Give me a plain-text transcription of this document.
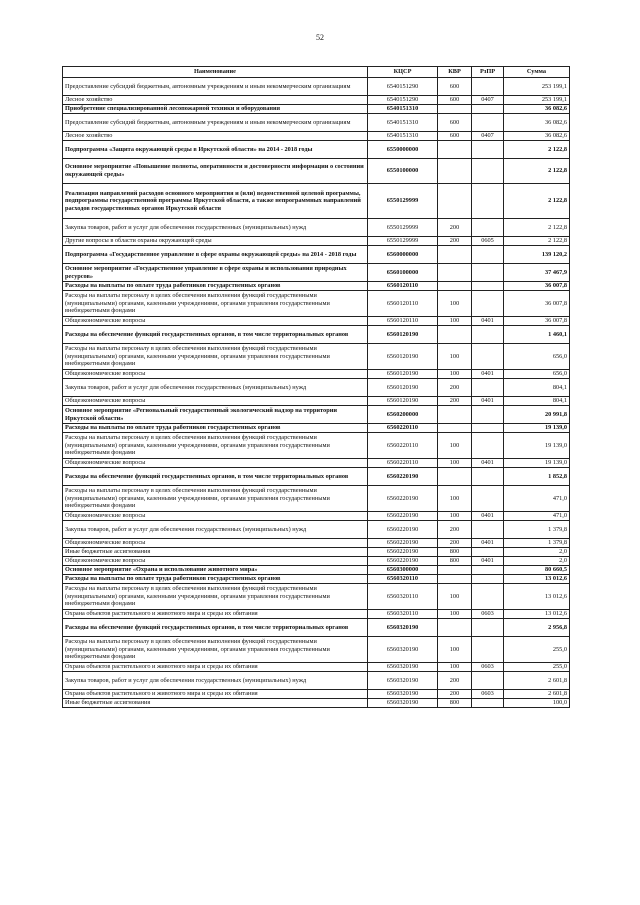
52
Наименование	КЦСР	КВР	РзПР	Сумма
Предоставление субсидий бюджетным, автономным учреждениям и иным некоммерческим организациям	6540151290	600		253 199,1
Лесное хозяйство	6540151290	600	0407	253 199,1
Приобретение специализированной лесопожарной техники и оборудования	6540151310			36 082,6
Предоставление субсидий бюджетным, автономным учреждениям и иным некоммерческим организациям	6540151310	600		36 082,6
Лесное хозяйство	6540151310	600	0407	36 082,6
Подпрограмма «Защита окружающей среды в Иркутской области» на 2014 - 2018 годы	6550000000			2 122,8
Основное мероприятие «Повышение полноты, оперативности и достоверности информации о состоянии окружающей среды»	6550100000			2 122,8
Реализация направлений расходов основного мероприятия и (или) ведомственной целевой программы, подпрограммы государственной программы Иркутской области, а также непрограммных направлений расходов государственных органов Иркутской области	6550129999			2 122,8
Закупка товаров, работ и услуг для обеспечения государственных (муниципальных) нужд	6550129999	200		2 122,8
Другие вопросы в области охраны окружающей среды	6550129999	200	0605	2 122,8
Подпрограмма «Государственное управление в сфере охраны окружающей среды» на 2014 - 2018 годы	6560000000			139 120,2
Основное мероприятие «Государственное управление в сфере охраны и использования природных ресурсов»	6560100000			37 467,9
Расходы на выплаты по оплате труда работников государственных органов	6560120110			36 007,8
Расходы на выплаты персоналу в целях обеспечения выполнения функций государственными (муниципальными) органами, казенными учреждениями, органами управления государственными внебюджетными фондами	6560120110	100		36 007,8
Общеэкономические вопросы	6560120110	100	0401	36 007,8
Расходы на обеспечение функций государственных органов, в том числе территориальных органов	6560120190			1 460,1
Расходы на выплаты персоналу в целях обеспечения выполнения функций государственными (муниципальными) органами, казенными учреждениями, органами управления государственными внебюджетными фондами	6560120190	100		656,0
Общеэкономические вопросы	6560120190	100	0401	656,0
Закупка товаров, работ и услуг для обеспечения государственных (муниципальных) нужд	6560120190	200		804,1
Общеэкономические вопросы	6560120190	200	0401	804,1
Основное мероприятие «Региональный государственный экологический надзор на территории Иркутской области»	6560200000			20 991,8
Расходы на выплаты по оплате труда работников государственных органов	6560220110			19 139,0
Расходы на выплаты персоналу в целях обеспечения выполнения функций государственными (муниципальными) органами, казенными учреждениями, органами управления государственными внебюджетными фондами	6560220110	100		19 139,0
Общеэкономические вопросы	6560220110	100	0401	19 139,0
Расходы на обеспечение функций государственных органов, в том числе территориальных органов	6560220190			1 852,8
Расходы на выплаты персоналу в целях обеспечения выполнения функций государственными (муниципальными) органами, казенными учреждениями, органами управления государственными внебюджетными фондами	6560220190	100		471,0
Общеэкономические вопросы	6560220190	100	0401	471,0
Закупка товаров, работ и услуг для обеспечения государственных (муниципальных) нужд	6560220190	200		1 379,8
Общеэкономические вопросы	6560220190	200	0401	1 379,8
Иные бюджетные ассигнования	6560220190	800		2,0
Общеэкономические вопросы	6560220190	800	0401	2,0
Основное мероприятие «Охрана и использование животного мира»	6560300000			80 660,5
Расходы на выплаты по оплате труда работников государственных органов	6560320110			13 012,6
Расходы на выплаты персоналу в целях обеспечения выполнения функций государственными (муниципальными) органами, казенными учреждениями, органами управления государственными внебюджетными фондами	6560320110	100		13 012,6
Охрана объектов растительного и животного мира и среды их обитания	6560320110	100	0603	13 012,6
Расходы на обеспечение функций государственных органов, в том числе территориальных органов	6560320190			2 956,8
Расходы на выплаты персоналу в целях обеспечения выполнения функций государственными (муниципальными) органами, казенными учреждениями, органами управления государственными внебюджетными фондами	6560320190	100		255,0
Охрана объектов растительного и животного мира и среды их обитания	6560320190	100	0603	255,0
Закупка товаров, работ и услуг для обеспечения государственных (муниципальных) нужд	6560320190	200		2 601,8
Охрана объектов растительного и животного мира и среды их обитания	6560320190	200	0603	2 601,8
Иные бюджетные ассигнования	6560320190	800		100,0
